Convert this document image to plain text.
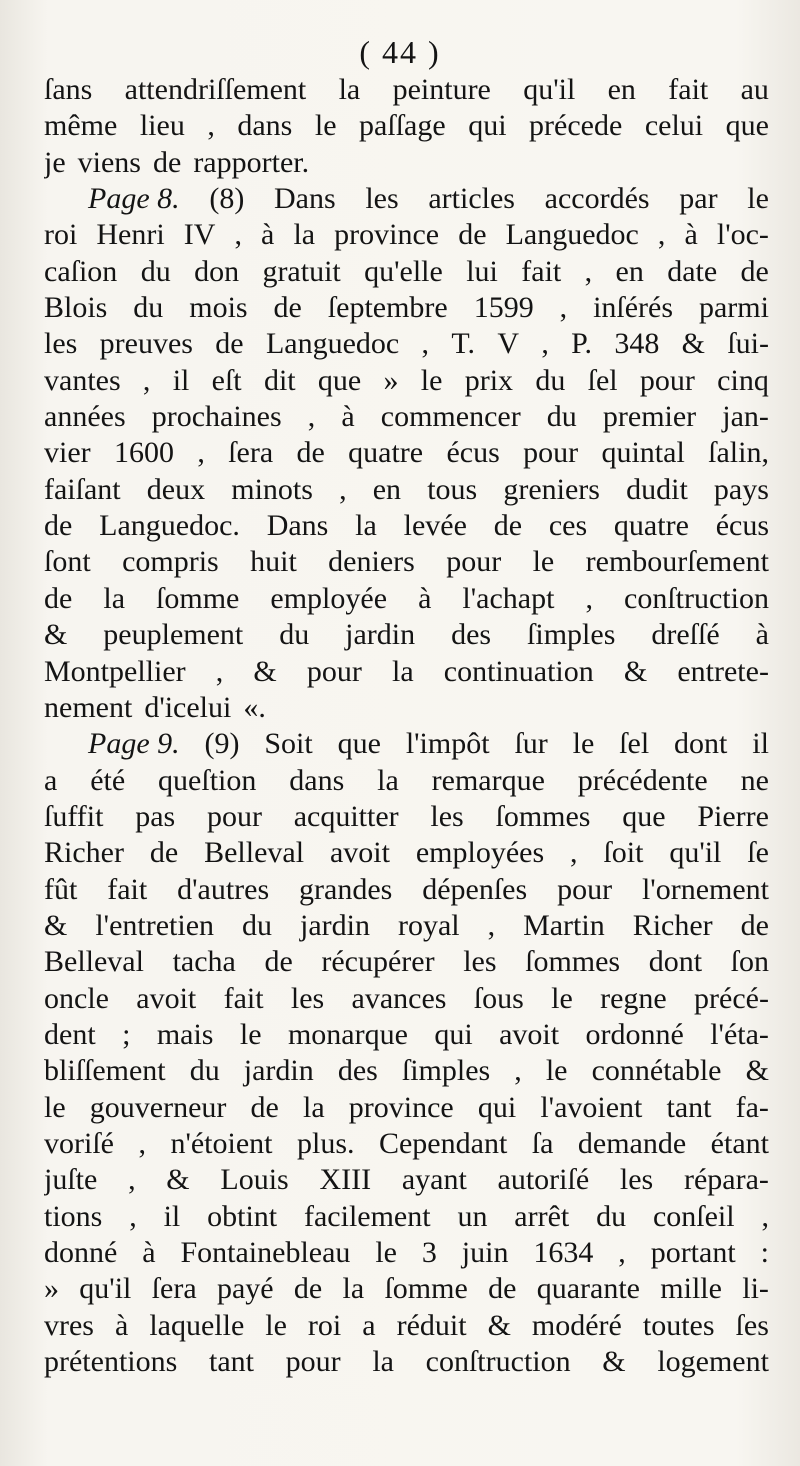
( 44 )
ſans attendriſſement la peinture qu'il en fait au
même lieu , dans le paſſage qui précede celui que
je viens de rapporter.
Page 8. (8) Dans les articles accordés par le
roi Henri IV , à la province de Languedoc , à l'oc-
caſion du don gratuit qu'elle lui fait , en date de
Blois du mois de ſeptembre 1599 , inſérés parmi
les preuves de Languedoc , T. V , P. 348 & ſui-
vantes , il eſt dit que » le prix du ſel pour cinq
années prochaines , à commencer du premier jan-
vier 1600 , ſera de quatre écus pour quintal ſalin,
faiſant deux minots , en tous greniers dudit pays
de Languedoc. Dans la levée de ces quatre écus
ſont compris huit deniers pour le rembourſement
de la ſomme employée à l'achapt , conſtruction
& peuplement du jardin des ſimples dreſſé à
Montpellier , & pour la continuation & entrete-
nement d'icelui «.
Page 9. (9) Soit que l'impôt ſur le ſel dont il
a été queſtion dans la remarque précédente ne
ſuffit pas pour acquitter les ſommes que Pierre
Richer de Belleval avoit employées , ſoit qu'il ſe
fût fait d'autres grandes dépenſes pour l'ornement
& l'entretien du jardin royal , Martin Richer de
Belleval tacha de récupérer les ſommes dont ſon
oncle avoit fait les avances ſous le regne précé-
dent ; mais le monarque qui avoit ordonné l'éta-
bliſſement du jardin des ſimples , le connétable &
le gouverneur de la province qui l'avoient tant fa-
voriſé , n'étoient plus. Cependant ſa demande étant
juſte , & Louis XIII ayant autoriſé les répara-
tions , il obtint facilement un arrêt du conſeil ,
donné à Fontainebleau le 3 juin 1634 , portant :
» qu'il ſera payé de la ſomme de quarante mille li-
vres à laquelle le roi a réduit & modéré toutes ſes
prétentions tant pour la conſtruction & logement
